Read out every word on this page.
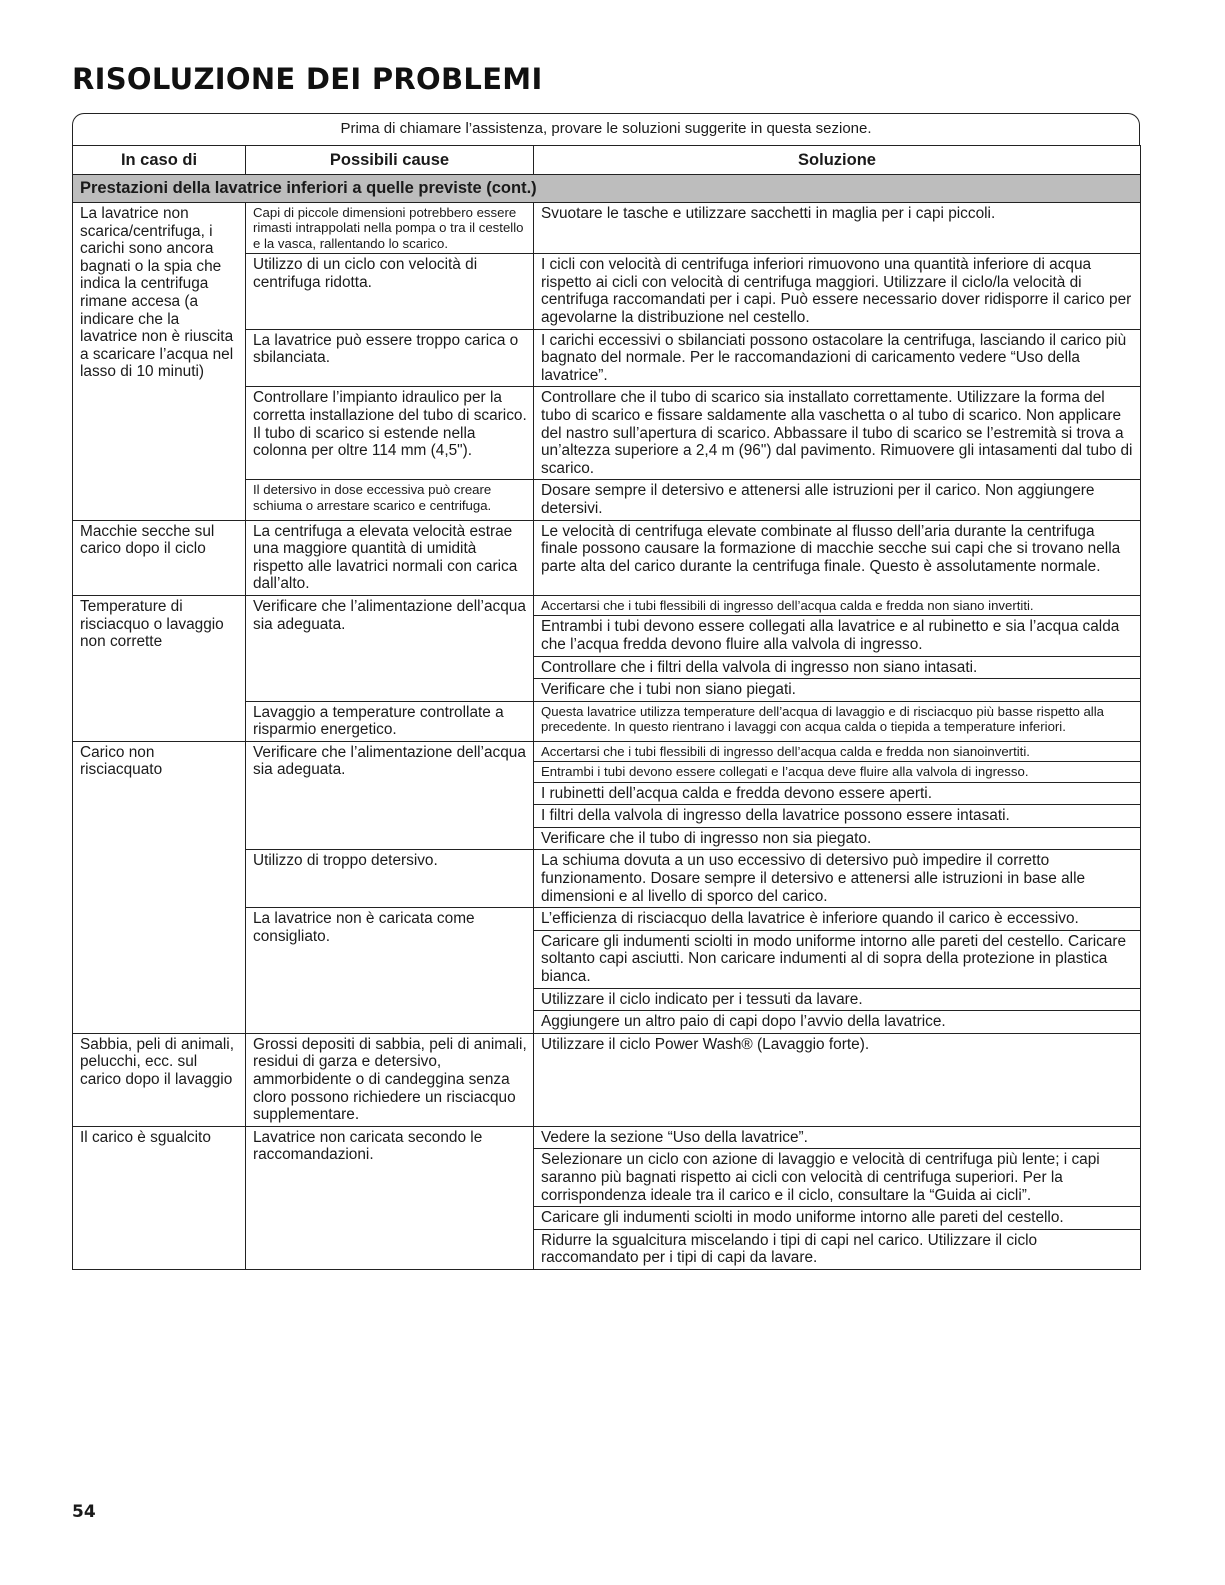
RISOLUZIONE DEI PROBLEMI
Prima di chiamare l’assistenza, provare le soluzioni suggerite in questa sezione.
In caso di	Possibili cause	Soluzione
Prestazioni della lavatrice inferiori a quelle previste (cont.)		
La lavatrice non scarica/centrifuga, i carichi sono ancora bagnati o la spia che indica la centrifuga rimane accesa (a indicare che la lavatrice non è riuscita a scaricare l’acqua nel lasso di 10 minuti)	Capi di piccole dimensioni potrebbero essere rimasti intrappolati nella pompa o tra il cestello e la vasca, rallentando lo scarico.	Svuotare le tasche e utilizzare sacchetti in maglia per i capi piccoli.
	Utilizzo di un ciclo con velocità di centrifuga ridotta.	I cicli con velocità di centrifuga inferiori rimuovono una quantità inferiore di acqua rispetto ai cicli con velocità di centrifuga maggiori. Utilizzare il ciclo/la velocità di centrifuga raccomandati per i capi. Può essere necessario dover ridisporre il carico per agevolarne la distribuzione nel cestello.
	La lavatrice può essere troppo carica o sbilanciata.	I carichi eccessivi o sbilanciati possono ostacolare la centrifuga, lasciando il carico più bagnato del normale. Per le raccomandazioni di caricamento vedere “Uso della lavatrice”.
	Controllare l’impianto idraulico per la corretta installazione del tubo di scarico. Il tubo di scarico si estende nella colonna per oltre 114 mm (4,5").	Controllare che il tubo di scarico sia installato correttamente. Utilizzare la forma del tubo di scarico e fissare saldamente alla vaschetta o al tubo di scarico. Non applicare del nastro sull’apertura di scarico. Abbassare il tubo di scarico se l’estremità si trova a un’altezza superiore a 2,4 m (96") dal pavimento. Rimuovere gli intasamenti dal tubo di scarico.
	Il detersivo in dose eccessiva può creare schiuma o arrestare scarico e centrifuga.	Dosare sempre il detersivo e attenersi alle istruzioni per il carico. Non aggiungere detersivi.
Macchie secche sul carico dopo il ciclo	La centrifuga a elevata velocità estrae una maggiore quantità di umidità rispetto alle lavatrici normali con carica dall’alto.	Le velocità di centrifuga elevate combinate al flusso dell’aria durante la centrifuga finale possono causare la formazione di macchie secche sui capi che si trovano nella parte alta del carico durante la centrifuga finale. Questo è assolutamente normale.
Temperature di risciacquo o lavaggio non corrette	Verificare che l’alimentazione dell’acqua sia adeguata.	Accertarsi che i tubi flessibili di ingresso dell’acqua calda e fredda non siano invertiti.
		Entrambi i tubi devono essere collegati alla lavatrice e al rubinetto e sia l’acqua calda che l’acqua fredda devono fluire alla valvola di ingresso.
		Controllare che i filtri della valvola di ingresso non siano intasati.
		Verificare che i tubi non siano piegati.
	Lavaggio a temperature controllate a risparmio energetico.	Questa lavatrice utilizza temperature dell’acqua di lavaggio e di risciacquo più basse rispetto alla precedente. In questo rientrano i lavaggi con acqua calda o tiepida a temperature inferiori.
Carico non risciacquato	Verificare che l’alimentazione dell’acqua sia adeguata.	Accertarsi che i tubi flessibili di ingresso dell’acqua calda e fredda non sianoinvertiti.
		Entrambi i tubi devono essere collegati e l’acqua deve fluire alla valvola di ingresso.
		I rubinetti dell’acqua calda e fredda devono essere aperti.
		I filtri della valvola di ingresso della lavatrice possono essere intasati.
		Verificare che il tubo di ingresso non sia piegato.
	Utilizzo di troppo detersivo.	La schiuma dovuta a un uso eccessivo di detersivo può impedire il corretto funzionamento. Dosare sempre il detersivo e attenersi alle istruzioni in base alle dimensioni e al livello di sporco del carico.
	La lavatrice non è caricata come consigliato.	L’efficienza di risciacquo della lavatrice è inferiore quando il carico è eccessivo.
		Caricare gli indumenti sciolti in modo uniforme intorno alle pareti del cestello. Caricare soltanto capi asciutti. Non caricare indumenti al di sopra della protezione in plastica bianca.
		Utilizzare il ciclo indicato per i tessuti da lavare.
		Aggiungere un altro paio di capi dopo l’avvio della lavatrice.
Sabbia, peli di animali, pelucchi, ecc. sul carico dopo il lavaggio	Grossi depositi di sabbia, peli di animali, residui di garza e detersivo, ammorbidente o di candeggina senza cloro possono richiedere un risciacquo supplementare.	Utilizzare il ciclo Power Wash® (Lavaggio forte).
Il carico è sgualcito	Lavatrice non caricata secondo le raccomandazioni.	Vedere la sezione “Uso della lavatrice”.
		Selezionare un ciclo con azione di lavaggio e velocità di centrifuga più lente; i capi saranno più bagnati rispetto ai cicli con velocità di centrifuga superiori. Per la corrispondenza ideale tra il carico e il ciclo, consultare la “Guida ai cicli”.
		Caricare gli indumenti sciolti in modo uniforme intorno alle pareti del cestello.
		Ridurre la sgualcitura miscelando i tipi di capi nel carico. Utilizzare il ciclo raccomandato per i tipi di capi da lavare.
54
